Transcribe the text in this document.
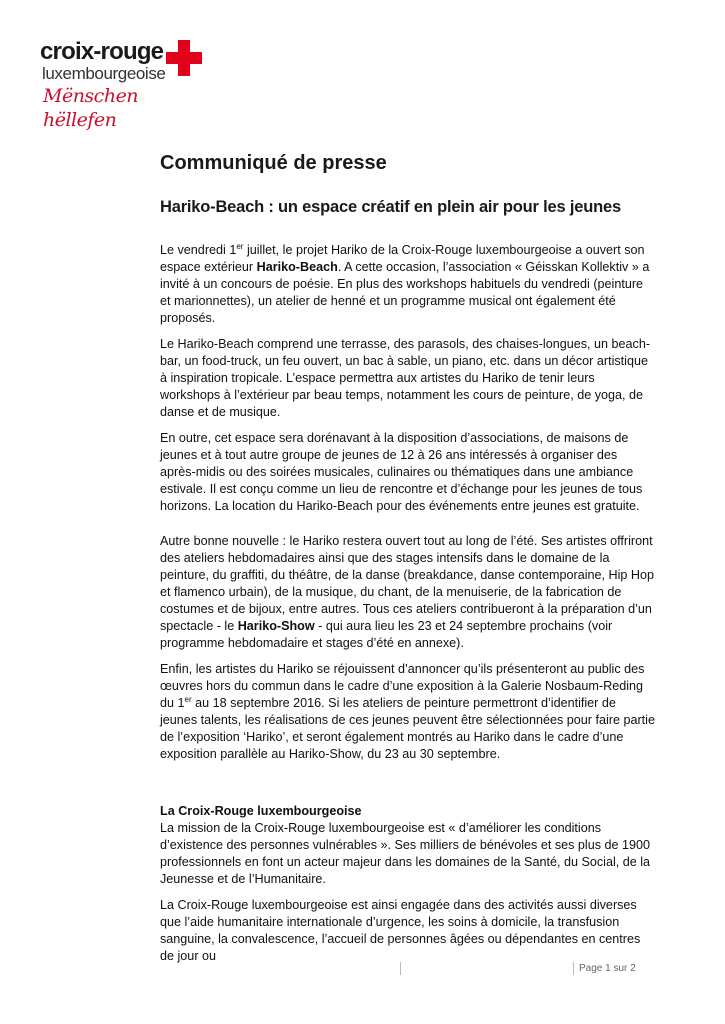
croix-rouge
luxembourgeoise
Mënschen hëllefen
Communiqué de presse
Hariko-Beach : un espace créatif en plein air pour les jeunes

Le vendredi 1er juillet, le projet Hariko de la Croix-Rouge luxembourgeoise a ouvert son espace extérieur Hariko-Beach. A cette occasion, l’association « Géisskan Kollektiv » a invité à un concours de poésie. En plus des workshops habituels du vendredi (peinture et marionnettes), un atelier de henné et un programme musical ont également été proposés.

Le Hariko-Beach comprend une terrasse, des parasols, des chaises-longues, un beach-bar, un food-truck, un feu ouvert, un bac à sable, un piano, etc. dans un décor artistique à inspiration tropicale. L’espace permettra aux artistes du Hariko de tenir leurs workshops à l’extérieur par beau temps, notamment les cours de peinture, de yoga, de danse et de musique.

En outre, cet espace sera dorénavant à la disposition d’associations, de maisons de jeunes et à tout autre groupe de jeunes de 12 à 26 ans intéressés à organiser des après-midis ou des soirées musicales, culinaires ou thématiques dans une ambiance estivale. Il est conçu comme un lieu de rencontre et d’échange pour les jeunes de tous horizons. La location du Hariko-Beach pour des événements entre jeunes est gratuite.

Autre bonne nouvelle : le Hariko restera ouvert tout au long de l’été. Ses artistes offriront des ateliers hebdomadaires ainsi que des stages intensifs dans le domaine de la peinture, du graffiti, du théâtre, de la danse (breakdance, danse contemporaine, Hip Hop et flamenco urbain), de la musique, du chant, de la menuiserie, de la fabrication de costumes et de bijoux, entre autres. Tous ces ateliers contribueront à la préparation d’un spectacle - le Hariko-Show - qui aura lieu les 23 et 24 septembre prochains (voir programme hebdomadaire et stages d’été en annexe).

Enfin, les artistes du Hariko se réjouissent d’annoncer qu’ils présenteront au public des œuvres hors du commun dans le cadre d’une exposition à la Galerie Nosbaum-Reding du 1er au 18 septembre 2016. Si les ateliers de peinture permettront d’identifier de jeunes talents, les réalisations de ces jeunes peuvent être sélectionnées pour faire partie de l’exposition ‘Hariko’, et seront également montrés au Hariko dans le cadre d’une exposition parallèle au Hariko-Show, du 23 au 30 septembre.

La Croix-Rouge luxembourgeoise

La mission de la Croix-Rouge luxembourgeoise est « d’améliorer les conditions d’existence des personnes vulnérables ». Ses milliers de bénévoles et ses plus de 1900 professionnels en font un acteur majeur dans les domaines de la Santé, du Social, de la Jeunesse et de l’Humanitaire.

La Croix-Rouge luxembourgeoise est ainsi engagée dans des activités aussi diverses que l’aide humanitaire internationale d’urgence, les soins à domicile, la transfusion sanguine, la convalescence, l’accueil de personnes âgées ou dépendantes en centres de jour ou

Page 1 sur 2
